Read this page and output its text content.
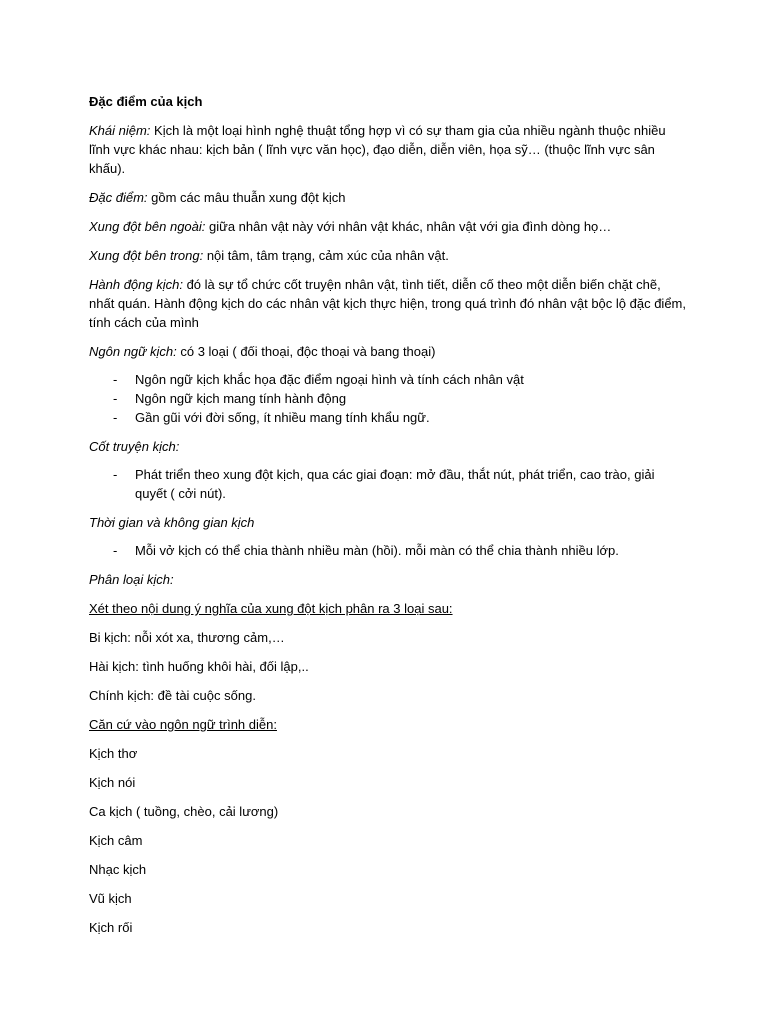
Đặc điểm của kịch

Khái niệm: Kịch là một loại hình nghệ thuật tổng hợp vì có sự tham gia của nhiều ngành thuộc nhiều lĩnh vực khác nhau: kịch bản ( lĩnh vực văn học), đạo diễn, diễn viên, họa sỹ… (thuộc lĩnh vực sân khấu).

Đặc điểm: gồm các mâu thuẫn xung đột kịch

Xung đột bên ngoài: giữa nhân vật này với nhân vật khác, nhân vật với gia đình dòng họ…

Xung đột bên trong: nội tâm, tâm trạng, cảm xúc của nhân vật.

Hành động kịch: đó là sự tổ chức cốt truyện nhân vật, tình tiết, diễn cố theo một diễn biến chặt chẽ, nhất quán. Hành động kịch do các nhân vật kịch thực hiện, trong quá trình đó nhân vật bộc lộ đặc điểm, tính cách của mình

Ngôn ngữ kịch: có 3 loại ( đối thoại, độc thoại và bang thoại)

- Ngôn ngữ kịch khắc họa đặc điểm ngoại hình và tính cách nhân vật
- Ngôn ngữ kịch mang tính hành động
- Gần gũi với đời sống, ít nhiều mang tính khẩu ngữ.

Cốt truyện kịch:

- Phát triển theo xung đột kịch, qua các giai đoạn: mở đầu, thắt nút, phát triển, cao trào, giải quyết ( cởi nút).

Thời gian và không gian kịch

- Mỗi vở kịch có thể chia thành nhiều màn (hồi). mỗi màn có thể chia thành nhiều lớp.

Phân loại kịch:

Xét theo nội dung ý nghĩa của xung đột kịch phân ra 3 loại sau:

Bi kịch: nỗi xót xa, thương cảm,…

Hài kịch: tình huống khôi hài, đối lập,..

Chính kịch: đề tài cuộc sống.

Căn cứ vào ngôn ngữ trình diễn:

Kịch thơ

Kịch nói

Ca kịch ( tuồng, chèo, cải lương)

Kịch câm

Nhạc kịch

Vũ kịch

Kịch rối
